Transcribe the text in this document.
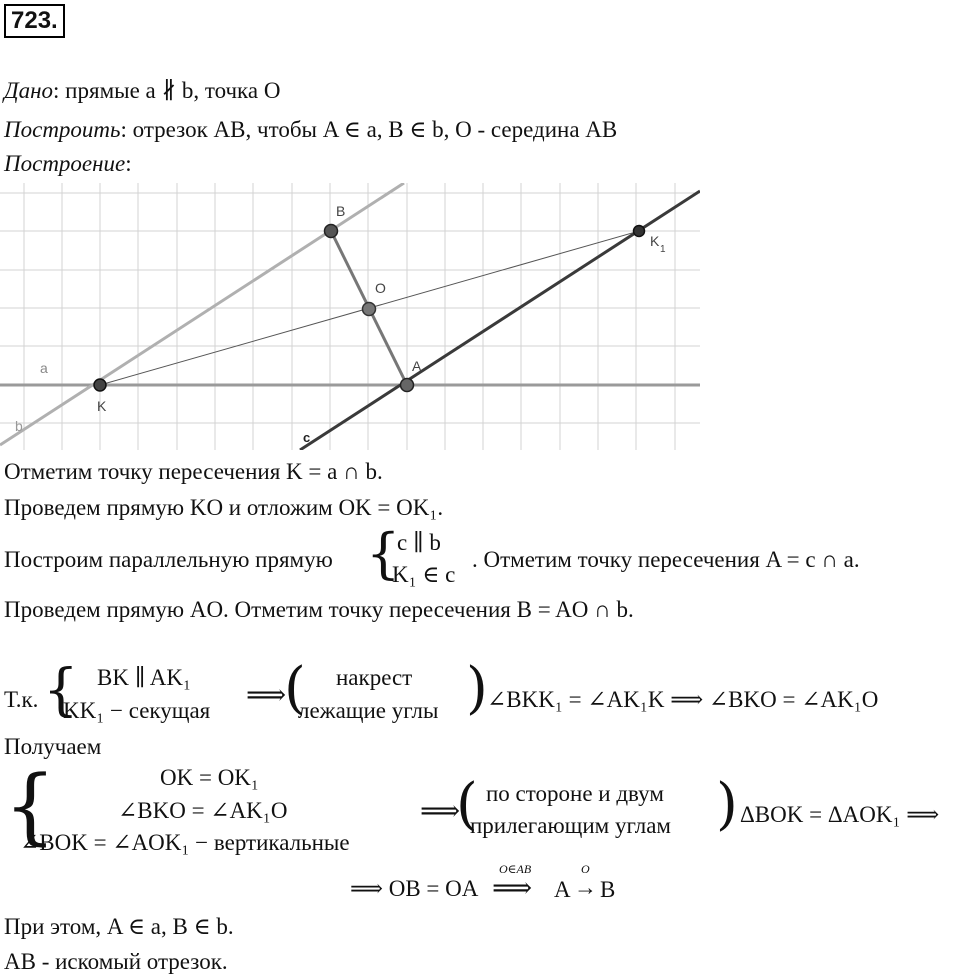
723.
Дано: прямые a ∦ b, точка O
Построить: отрезок AB, чтобы A ∈ a, B ∈ b, O - середина AB
Построение:
B
O
A
K
K
1
a
b
c
Отметим точку пересечения K = a ∩ b.
Проведем прямую KO и отложим OK = OK₁.
Построим параллельную прямую {
c ∥ b
K₁ ∈ c
. Отметим точку пересечения A = c ∩ a.
Проведем прямую AO. Отметим точку пересечения B = AO ∩ b.
Т.к. { BK ∥ AK₁
KK₁ − секущая ⟹
( накрест
лежащие углы ) ∠BKK₁ = ∠AK₁K ⟹ ∠BKO = ∠AK₁O
Получаем
{	OK = OK₁
∠BKO = ∠AK₁O
∠BOK = ∠AOK₁ − вертикальные
⟹
( по стороне и двум
прилегающим углам ) ΔBOK = ΔAOK₁ ⟹
⟹ OB = OA
O∈AB
⟹ A
O
→ B
При этом, A ∈ a, B ∈ b.
AB - искомый отрезок.
